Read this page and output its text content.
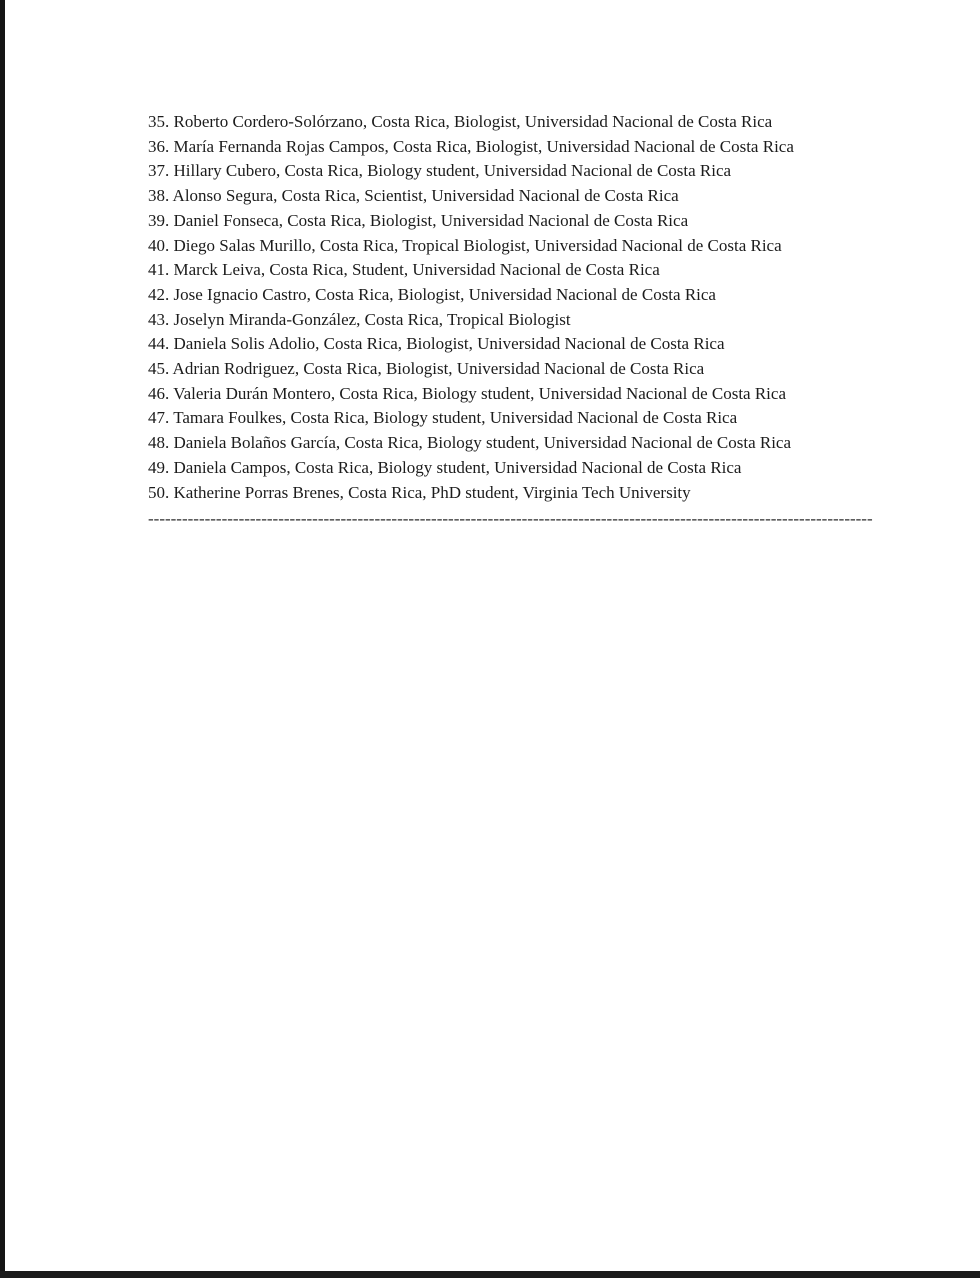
35. Roberto Cordero-Solórzano, Costa Rica, Biologist, Universidad Nacional de Costa Rica
36. María Fernanda Rojas Campos, Costa Rica, Biologist, Universidad Nacional de Costa Rica
37. Hillary Cubero, Costa Rica, Biology student, Universidad Nacional de Costa Rica
38. Alonso Segura, Costa Rica, Scientist, Universidad Nacional de Costa Rica
39. Daniel Fonseca, Costa Rica, Biologist, Universidad Nacional de Costa Rica
40. Diego Salas Murillo, Costa Rica, Tropical Biologist, Universidad Nacional de Costa Rica
41. Marck Leiva, Costa Rica, Student, Universidad Nacional de Costa Rica
42. Jose Ignacio Castro, Costa Rica, Biologist, Universidad Nacional de Costa Rica
43. Joselyn Miranda-González, Costa Rica, Tropical Biologist
44. Daniela Solis Adolio, Costa Rica, Biologist, Universidad Nacional de Costa Rica
45. Adrian Rodriguez, Costa Rica, Biologist, Universidad Nacional de Costa Rica
46. Valeria Durán Montero, Costa Rica, Biology student, Universidad Nacional de Costa Rica
47. Tamara Foulkes, Costa Rica, Biology student, Universidad Nacional de Costa Rica
48. Daniela Bolaños García, Costa Rica, Biology student, Universidad Nacional de Costa Rica
49. Daniela Campos, Costa Rica, Biology student, Universidad Nacional de Costa Rica
50. Katherine Porras Brenes, Costa Rica, PhD student, Virginia Tech University
--------------------------------------------------------------------------------------------------------------------------------
